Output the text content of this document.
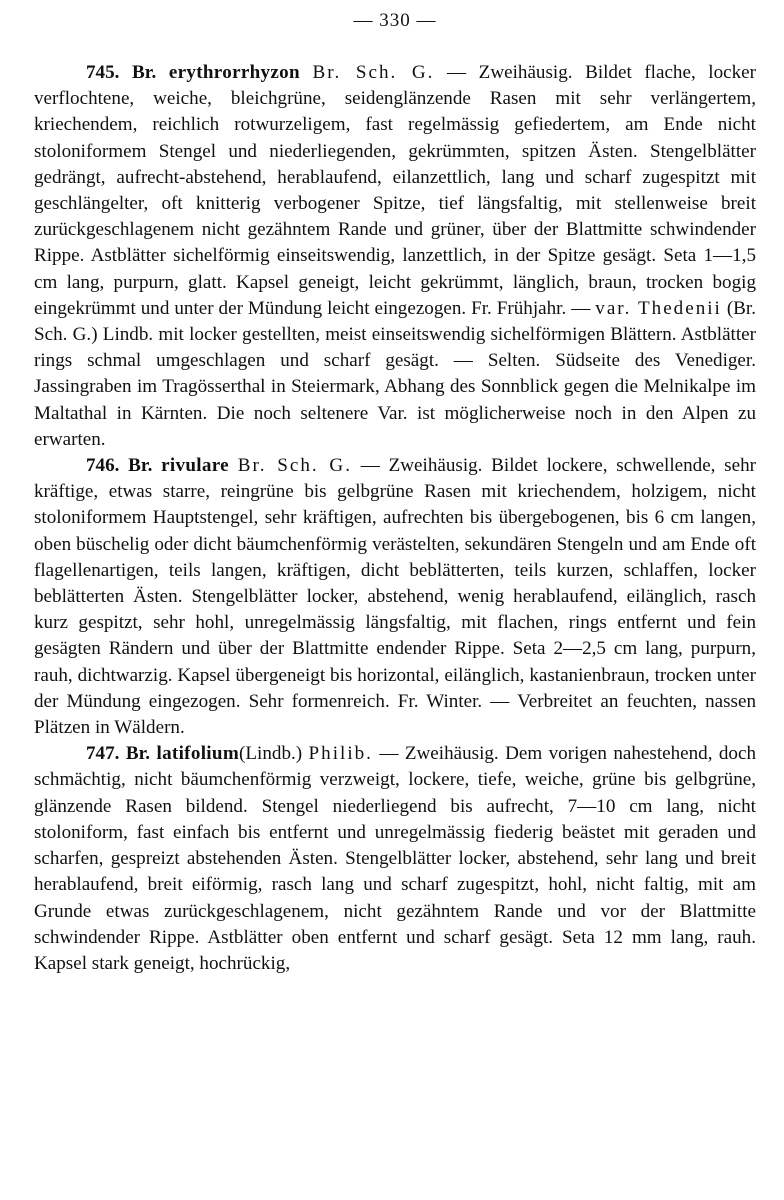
— 330 —

745. Br. erythrorrhyzon Br. Sch. G. — Zweihäusig. Bildet flache, locker verflochtene, weiche, bleichgrüne, seidenglänzende Rasen mit sehr verlängertem, kriechendem, reichlich rotwurzeligem, fast regelmässig gefiedertem, am Ende nicht stoloniformem Stengel und niederliegenden, gekrümmten, spitzen Ästen. Stengelblätter gedrängt, aufrecht-abstehend, herablaufend, eilanzettlich, lang und scharf zugespitzt mit geschlängelter, oft knitterig verbogener Spitze, tief längsfaltig, mit stellenweise breit zurückgeschlagenem nicht gezähntem Rande und grüner, über der Blattmitte schwindender Rippe. Astblätter sichelförmig einseitswendig, lanzettlich, in der Spitze gesägt. Seta 1—1,5 cm lang, purpurn, glatt. Kapsel geneigt, leicht gekrümmt, länglich, braun, trocken bogig eingekrümmt und unter der Mündung leicht eingezogen. Fr. Frühjahr. — var. Thedenii (Br. Sch. G.) Lindb. mit locker gestellten, meist einseitswendig sichelförmigen Blättern. Astblätter rings schmal umgeschlagen und scharf gesägt. — Selten. Südseite des Venediger. Jassingraben im Tragösserthal in Steiermark, Abhang des Sonnblick gegen die Melnikalpe im Maltathal in Kärnten. Die noch seltenere Var. ist möglicherweise noch in den Alpen zu erwarten.

746. Br. rivulare Br. Sch. G. — Zweihäusig. Bildet lockere, schwellende, sehr kräftige, etwas starre, reingrüne bis gelbgrüne Rasen mit kriechendem, holzigem, nicht stoloniformem Hauptstengel, sehr kräftigen, aufrechten bis übergebogenen, bis 6 cm langen, oben büschelig oder dicht bäumchenförmig verästelten, sekundären Stengeln und am Ende oft flagellenartigen, teils langen, kräftigen, dicht beblätterten, teils kurzen, schlaffen, locker beblätterten Ästen. Stengelblätter locker, abstehend, wenig herablaufend, eilänglich, rasch kurz gespitzt, sehr hohl, unregelmässig längsfaltig, mit flachen, rings entfernt und fein gesägten Rändern und über der Blattmitte endender Rippe. Seta 2—2,5 cm lang, purpurn, rauh, dichtwarzig. Kapsel übergeneigt bis horizontal, eilänglich, kastanienbraun, trocken unter der Mündung eingezogen. Sehr formenreich. Fr. Winter. — Verbreitet an feuchten, nassen Plätzen in Wäldern.

747. Br. latifolium(Lindb.) Philib. — Zweihäusig. Dem vorigen nahestehend, doch schmächtig, nicht bäumchenförmig verzweigt, lockere, tiefe, weiche, grüne bis gelbgrüne, glänzende Rasen bildend. Stengel niederliegend bis aufrecht, 7—10 cm lang, nicht stoloniform, fast einfach bis entfernt und unregelmässig fiederig beästet mit geraden und scharfen, gespreizt abstehenden Ästen. Stengelblätter locker, abstehend, sehr lang und breit herablaufend, breit eiförmig, rasch lang und scharf zugespitzt, hohl, nicht faltig, mit am Grunde etwas zurückgeschlagenem, nicht gezähntem Rande und vor der Blattmitte schwindender Rippe. Astblätter oben entfernt und scharf gesägt. Seta 12 mm lang, rauh. Kapsel stark geneigt, hochrückig,
